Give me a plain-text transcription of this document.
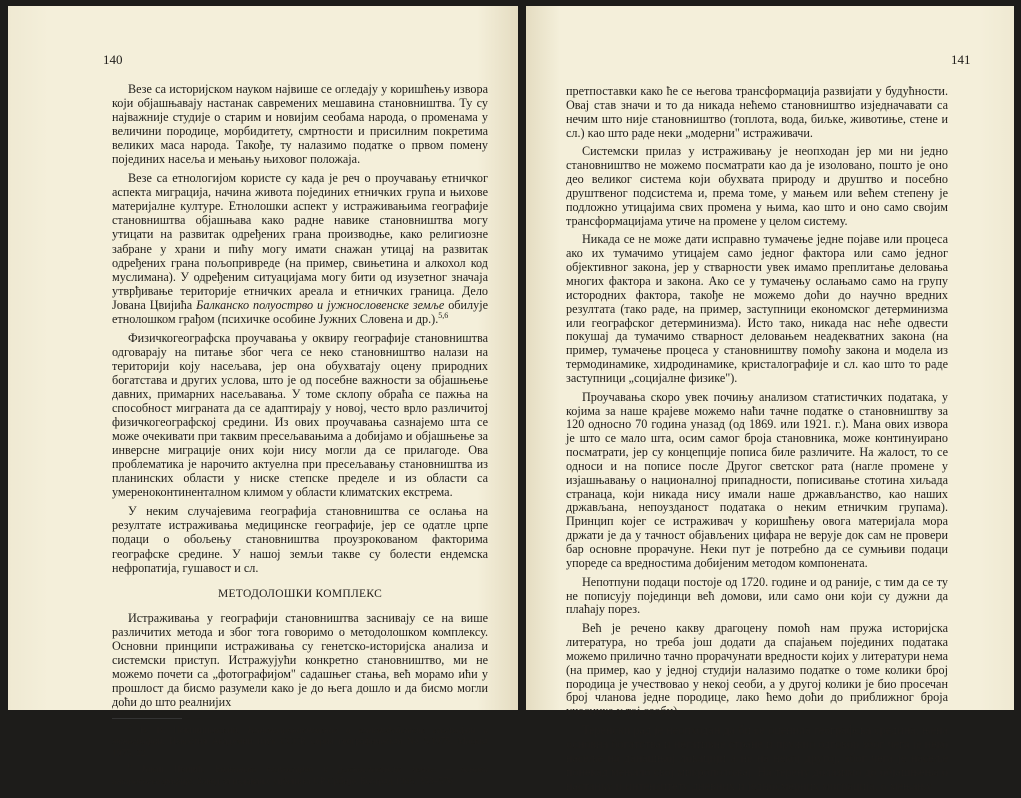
140

Везе са историјском науком највише се огледају у коришћењу извора који објашњавају настанак савремених мешавина становништва. Ту су најважније студије о старим и новијим сеобама народа, о променама у величини породице, морбидитету, смртности и присилним покретима великих маса народа. Такође, ту налазимо податке о првом помену појединих насеља и мењању њиховог положаја.

Везе са етнологијом користе су када је реч о проучавању етничког аспекта миграција, начина живота појединих етничких група и њихове материјалне културе. Етнолошки аспект у истраживањима географије становништва објашњава како радне навике становништва могу утицати на развитак одређених грана производње, како религиозне забране у храни и пићу могу имати снажан утицај на развитак одређених грана пољопривреде (на пример, свињетина и алкохол код муслимана). У одређеним ситуацијама могу бити од изузетног значаја утврђивање територије етничких ареала и етничких граница. Дело Јована Цвијића Балканско полуострво и јужнословенске земље обилује етнолошком грађом (психичке особине Јужних Словена и др.).$^{5,6}$

Физичкогеографска проучавања у оквиру географије становништва одговарају на питање због чега се неко становништво налази на територији коју насељава, јер она обухватају оцену природних богатстава и других услова, што је од посебне важности за објашњење давних, примарних насељавања. У томе склопу обраћа се пажња на способност миграната да се адаптирају у новој, често врло различитој физичкогеографској средини. Из ових проучавања сазнајемо шта се може очекивати при таквим пресељавањима а добијамо и објашњење за инверсне миграције оних који нису могли да се прилагоде. Ова проблематика је нарочито актуелна при пресељавању становништва из планинских области у ниске степске пределе и из области са умереноконтиненталном климом у области климатских екстрема.

У неким случајевима географија становништва се ослања на резултате истраживања медицинске географије, јер се одатле црпе подаци о обољењу становништва проузрокованом факторима географске средине. У нашој земљи такве су болести ендемска нефропатија, гушавост и сл.

МЕТОДОЛОШКИ КОМПЛЕКС

Истраживања у географији становништва засниваjу се на више различитих метода и због тога говоримо о методолошком комплексу. Основни принципи истраживања су генетско-историјска анализа и системски приступ. Истражујући конкретно становништво, ми не можемо почети са „фотографијом" садашњег стања, већ морамо ићи у прошлост да бисмо разумели како је до њега дошло и да бисмо могли доћи до што реалнијих

$^5$ В. В. Покшишевский, Взаимопроникновение и взаимодействие географии и этнографии, Известия Академии наук СССР, серия географическая No 5/1975, Москва 1975, 22.

$^6$ Јован Цвијић, Балканско полуострво и јужнословенске земље – основи антропогеографије, Завод за издавање уџбеника СР Србије, Београд 1966, 353–576.

141

претпоставки како ће се његова трансформација развијати у будућности. Овај став значи и то да никада нећемо становништво изједначавати са нечим што није становништво (топлота, вода, биљке, животиње, стене и сл.) као што раде неки „модерни" истраживачи.

Системски прилаз у истраживању је неопходан јер ми ни једно становништво не можемо посматрати као да је изоловано, пошто је оно део великог система који обухвата природу и друштво и посебно друштвеног подсистема и, према томе, у мањем или већем степену је подложно утицајима свих промена у њима, као што и оно само својим трансформацијама утиче на промене у целом систему.

Никада се не може дати исправно тумачење једне појаве или процеса ако их тумачимо утицајем само једног фактора или само једног објективног закона, јер у стварности увек имамо преплитање деловања многих фактора и закона. Ако се у тумачењу ослањамо само на групу истородних фактора, такође не можемо доћи до научно вредних резултата (тако раде, на пример, заступници економског детерминизма или географског детерминизма). Исто тако, никада нас неће одвести покушај да тумачимо стварност деловањем неадекватних закона (на пример, тумачење процеса у становништву помоћу закона и модела из термодинамике, хидродинамике, кристалографије и сл. као што то раде заступници „социјалне физике").

Проучавања скоро увек почињу анализом статистичких података, у којима за наше крајеве можемо наћи тачне податке о становништву за 120 односно 70 година уназад (од 1869. или 1921. г.). Мана ових извора је што се мало шта, осим самог броја становника, може континуирано посматрати, јер су концепције пописа биле различите. На жалост, то се односи и на пописе после Другог светског рата (нагле промене у изјашњавању о националној припадности, пописивање стотина хиљада странаца, који никада нису имали наше држављанство, као наших држављана, непоузданост података о неким етничким групама). Принцип којег се истраживач у коришћењу овога материјала мора држати је да у тачност објављених цифара не верује док сам не провери бар основне прорачуне. Неки пут је потребно да се сумњиви подаци упореде са вредностима добијеним методом компонената.

Непотпуни подаци постоје од 1720. године и од раније, с тим да се ту не пописују појединци већ домови, или само они који су дужни да плаћају порез.

Већ је речено какву драгоцену помоћ нам пружа историјска литература, но треба још додати да спајањем појединих података можемо прилично тачно прорачунати вредности којих у литератури нема (на пример, као у једној студији налазимо податке о томе колики број породица је учествовао у некој сеоби, а у другој колики је био просечан број чланова једне породице, лако ћемо доћи до приближног броја учесника у тој сеоби).

Теренски рад је неопходан да би се оценила географска средина, њена основна богатства и негативне стране и пружио одговор због чега је неко насеље на данашњој локацији а не на некој другој, због чега је насеље понекад мењало свој микроположај. На терену долазимо до објашњења о настанку и интензитету дневних и једносмерних миграција, о мењању
